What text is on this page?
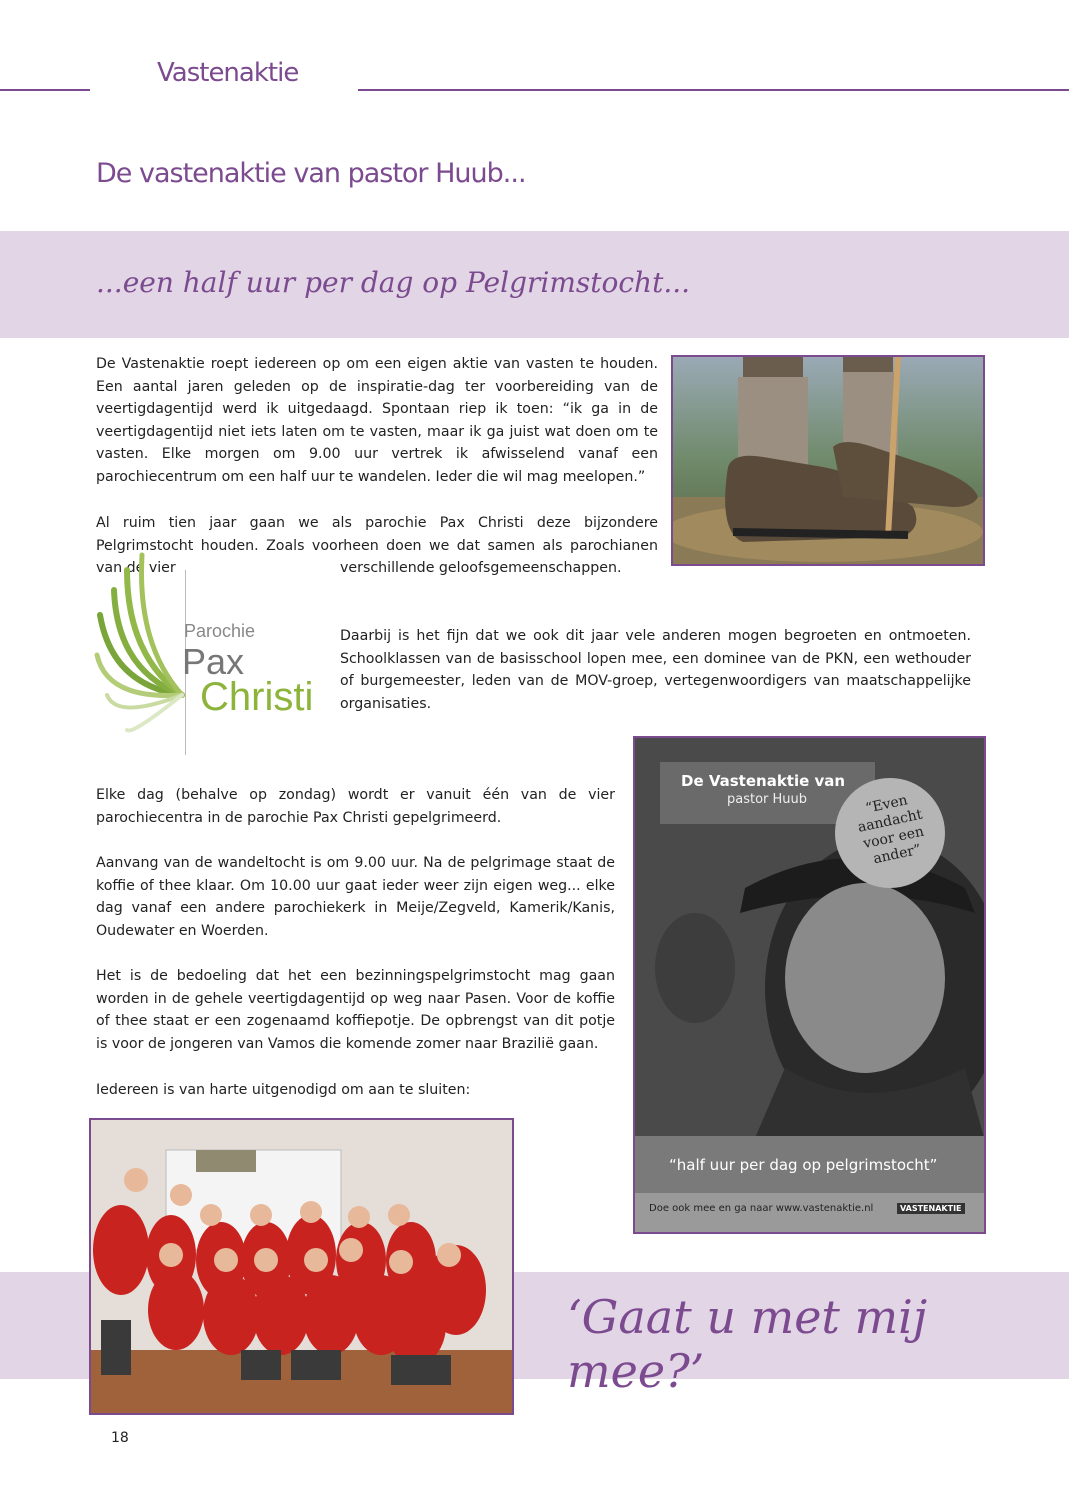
Vastenaktie
De vastenaktie van pastor Huub...
...een half uur per dag op Pelgrimstocht...

De Vastenaktie roept iedereen op om een eigen aktie van vasten te houden. Een aantal jaren geleden op de inspiratie-dag ter voorbereiding van de veertigdagentijd werd ik uitgedaagd. Spontaan riep ik toen: “ik ga in de veertigdagentijd niet iets laten om te vasten, maar ik ga juist wat doen om te vasten. Elke morgen om 9.00 uur vertrek ik afwisselend vanaf een parochiecentrum om een half uur te wandelen. Ieder die wil mag meelopen.”

Al ruim tien jaar gaan we als parochie Pax Christi deze bijzondere Pelgrimstocht houden. Zoals voorheen doen we dat samen als parochianen van de vier	verschillende geloofsgemeenschappen.

Parochie
Pax
Christi

Daarbij is het fijn dat we ook dit jaar vele anderen mogen begroeten en ontmoeten. Schoolklassen van de basisschool lopen mee, een dominee van de PKN, een wethouder of burgemeester, leden van de MOV-groep, vertegenwoordigers van maatschappelijke organisaties.

De Vastenaktie van
pastor Huub	“Even aandacht voor een ander”
“half uur per dag op pelgrimstocht”
Doe ook mee en ga naar www.vastenaktie.nl	VASTENAKTIE

Elke dag (behalve op zondag) wordt er vanuit één van de vier parochiecentra in de parochie Pax Christi gepelgrimeerd.

Aanvang van de wandeltocht is om 9.00 uur. Na de pelgrimage staat de koffie of thee klaar. Om 10.00 uur gaat ieder weer zijn eigen weg... elke dag vanaf een andere parochiekerk in Meije/Zegveld, Kamerik/Kanis, Oudewater en Woerden.

Het is de bedoeling dat het een bezinningspelgrimstocht mag gaan worden in de gehele veertigdagentijd op weg naar Pasen. Voor de koffie of thee staat er een zogenaamd koffiepotje. De opbrengst van dit potje is voor de jongeren van Vamos die komende zomer naar Brazilië gaan.

Iedereen is van harte uitgenodigd om aan te sluiten:

‘Gaat u met mij mee?’
18
